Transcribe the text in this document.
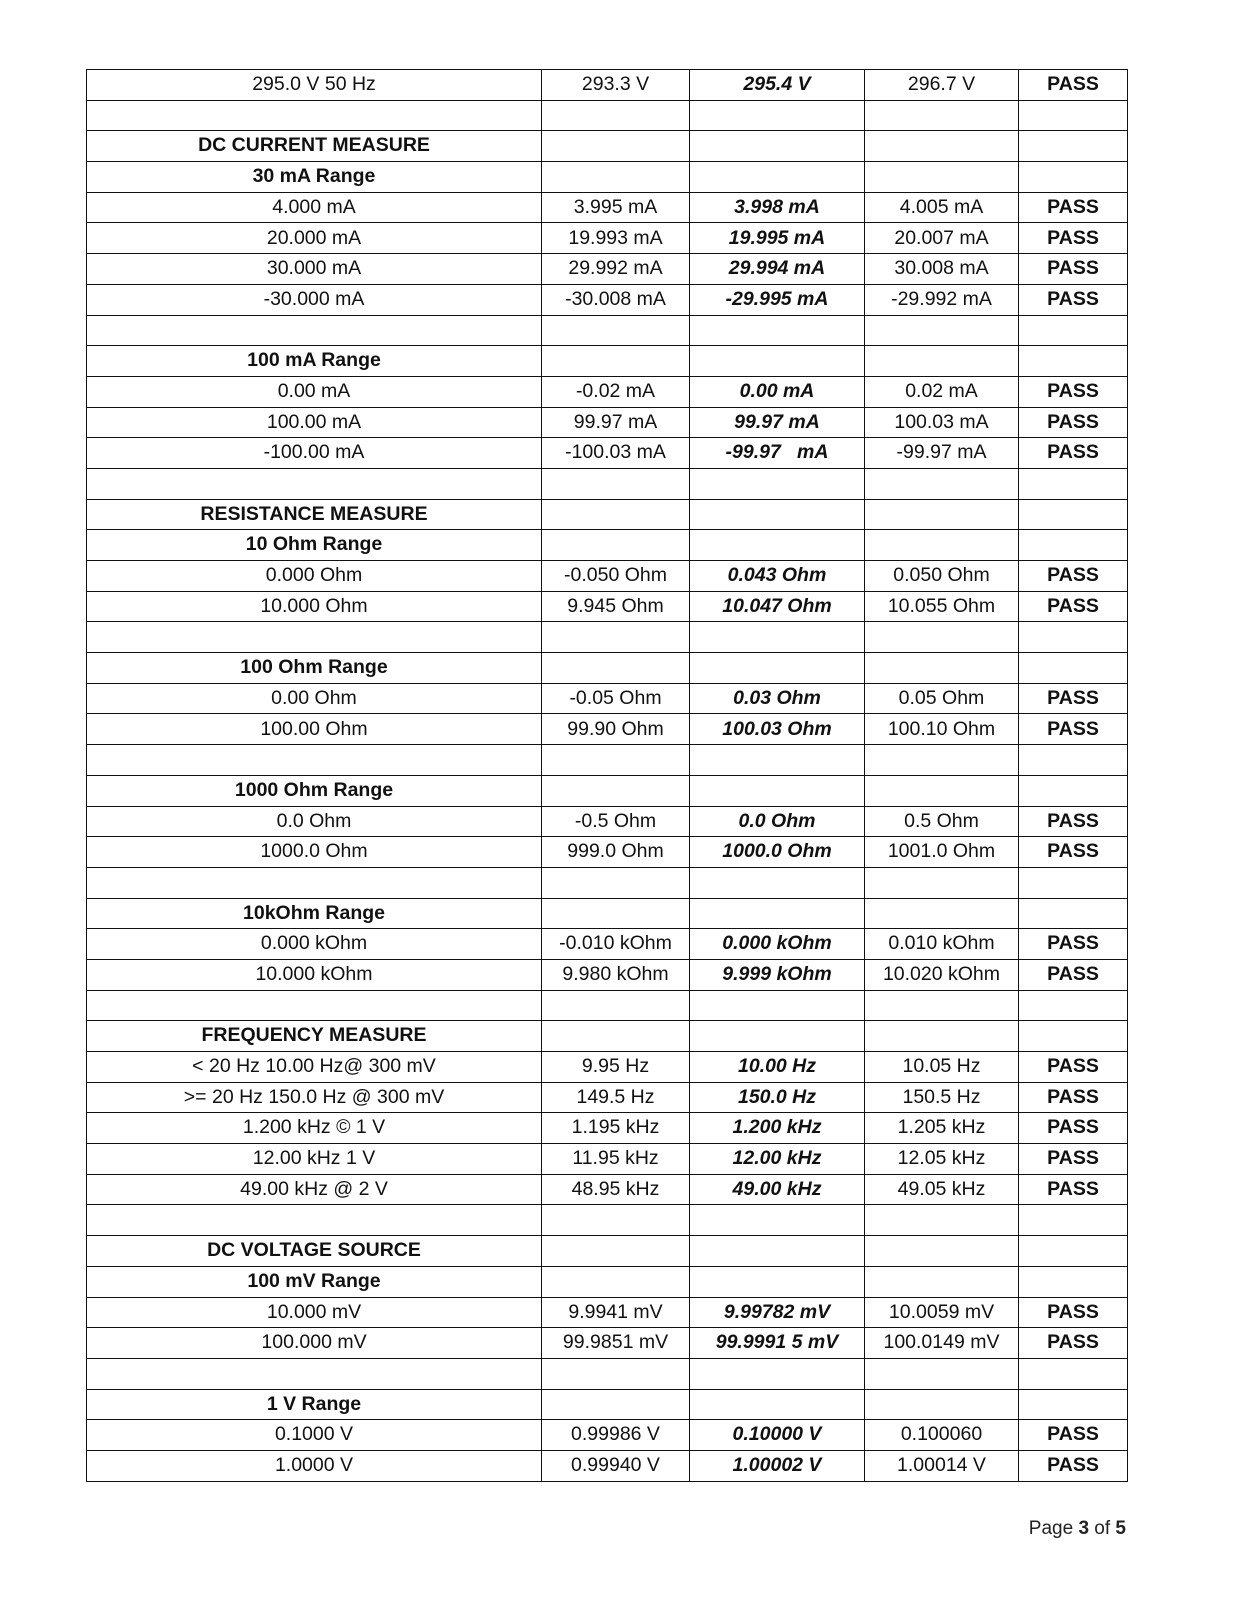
295.0 V 50 Hz	293.3 V	295.4 V	296.7 V	PASS

DC CURRENT MEASURE				
30 mA Range				
4.000 mA	3.995 mA	3.998 mA	4.005 mA	PASS
20.000 mA	19.993 mA	19.995 mA	20.007 mA	PASS
30.000 mA	29.992 mA	29.994 mA	30.008 mA	PASS
-30.000 mA	-30.008 mA	-29.995 mA	-29.992 mA	PASS

100 mA Range				
0.00 mA	-0.02 mA	0.00 mA	0.02 mA	PASS
100.00 mA	99.97 mA	99.97 mA	100.03 mA	PASS
-100.00 mA	-100.03 mA	-99.97   mA	-99.97 mA	PASS

RESISTANCE MEASURE				
10 Ohm Range				
0.000 Ohm	-0.050 Ohm	0.043 Ohm	0.050 Ohm	PASS
10.000 Ohm	9.945 Ohm	10.047 Ohm	10.055 Ohm	PASS

100 Ohm Range				
0.00 Ohm	-0.05 Ohm	0.03 Ohm	0.05 Ohm	PASS
100.00 Ohm	99.90 Ohm	100.03 Ohm	100.10 Ohm	PASS

1000 Ohm Range				
0.0 Ohm	-0.5 Ohm	0.0 Ohm	0.5 Ohm	PASS
1000.0 Ohm	999.0 Ohm	1000.0 Ohm	1001.0 Ohm	PASS

10kOhm Range				
0.000 kOhm	-0.010 kOhm	0.000 kOhm	0.010 kOhm	PASS
10.000 kOhm	9.980 kOhm	9.999 kOhm	10.020 kOhm	PASS

FREQUENCY MEASURE				
< 20 Hz 10.00 Hz@ 300 mV	9.95 Hz	10.00 Hz	10.05 Hz	PASS
>= 20 Hz 150.0 Hz @ 300 mV	149.5 Hz	150.0 Hz	150.5 Hz	PASS
1.200 kHz © 1 V	1.195 kHz	1.200 kHz	1.205 kHz	PASS
12.00 kHz 1 V	11.95 kHz	12.00 kHz	12.05 kHz	PASS
49.00 kHz @ 2 V	48.95 kHz	49.00 kHz	49.05 kHz	PASS

DC VOLTAGE SOURCE				
100 mV Range				
10.000 mV	9.9941 mV	9.99782 mV	10.0059 mV	PASS
100.000 mV	99.9851 mV	99.9991 5 mV	100.0149 mV	PASS

1 V Range				
0.1000 V	0.99986 V	0.10000 V	0.100060	PASS
1.0000 V	0.99940 V	1.00002 V	1.00014 V	PASS
Page 3 of 5
